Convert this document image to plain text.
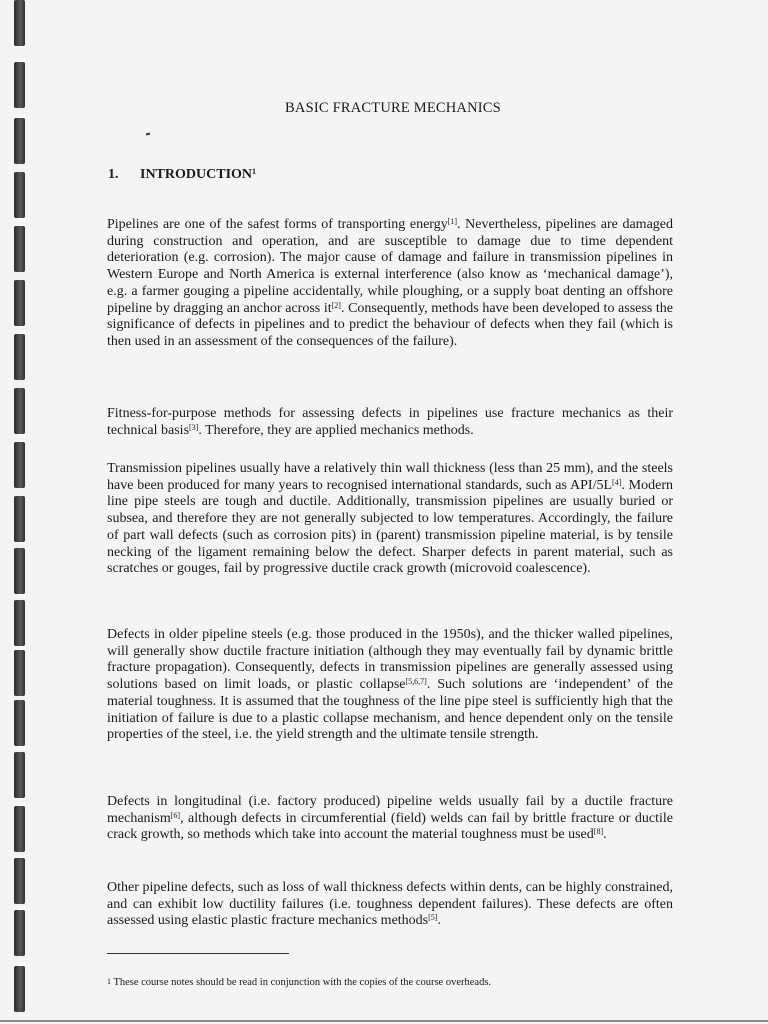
BASIC FRACTURE MECHANICS
1. INTRODUCTION$^1$

Pipelines are one of the safest forms of transporting energy[1]. Nevertheless, pipelines are damaged during construction and operation, and are susceptible to damage due to time dependent deterioration (e.g. corrosion). The major cause of damage and failure in transmission pipelines in Western Europe and North America is external interference (also know as ‘mechanical damage’), e.g. a farmer gouging a pipeline accidentally, while ploughing, or a supply boat denting an offshore pipeline by dragging an anchor across it[2]. Consequently, methods have been developed to assess the significance of defects in pipelines and to predict the behaviour of defects when they fail (which is then used in an assessment of the consequences of the failure).

Fitness-for-purpose methods for assessing defects in pipelines use fracture mechanics as their technical basis[3]. Therefore, they are applied mechanics methods.

Transmission pipelines usually have a relatively thin wall thickness (less than 25 mm), and the steels have been produced for many years to recognised international standards, such as API/5L[4]. Modern line pipe steels are tough and ductile. Additionally, transmission pipelines are usually buried or subsea, and therefore they are not generally subjected to low temperatures. Accordingly, the failure of part wall defects (such as corrosion pits) in (parent) transmission pipeline material, is by tensile necking of the ligament remaining below the defect. Sharper defects in parent material, such as scratches or gouges, fail by progressive ductile crack growth (microvoid coalescence).

Defects in older pipeline steels (e.g. those produced in the 1950s), and the thicker walled pipelines, will generally show ductile fracture initiation (although they may eventually fail by dynamic brittle fracture propagation). Consequently, defects in transmission pipelines are generally assessed using solutions based on limit loads, or plastic collapse[5,6,7]. Such solutions are ‘independent’ of the material toughness. It is assumed that the toughness of the line pipe steel is sufficiently high that the initiation of failure is due to a plastic collapse mechanism, and hence dependent only on the tensile properties of the steel, i.e. the yield strength and the ultimate tensile strength.

Defects in longitudinal (i.e. factory produced) pipeline welds usually fail by a ductile fracture mechanism[6], although defects in circumferential (field) welds can fail by brittle fracture or ductile crack growth, so methods which take into account the material toughness must be used[8].

Other pipeline defects, such as loss of wall thickness defects within dents, can be highly constrained, and can exhibit low ductility failures (i.e. toughness dependent failures). These defects are often assessed using elastic plastic fracture mechanics methods[5].

$^1$ These course notes should be read in conjunction with the copies of the course overheads.
